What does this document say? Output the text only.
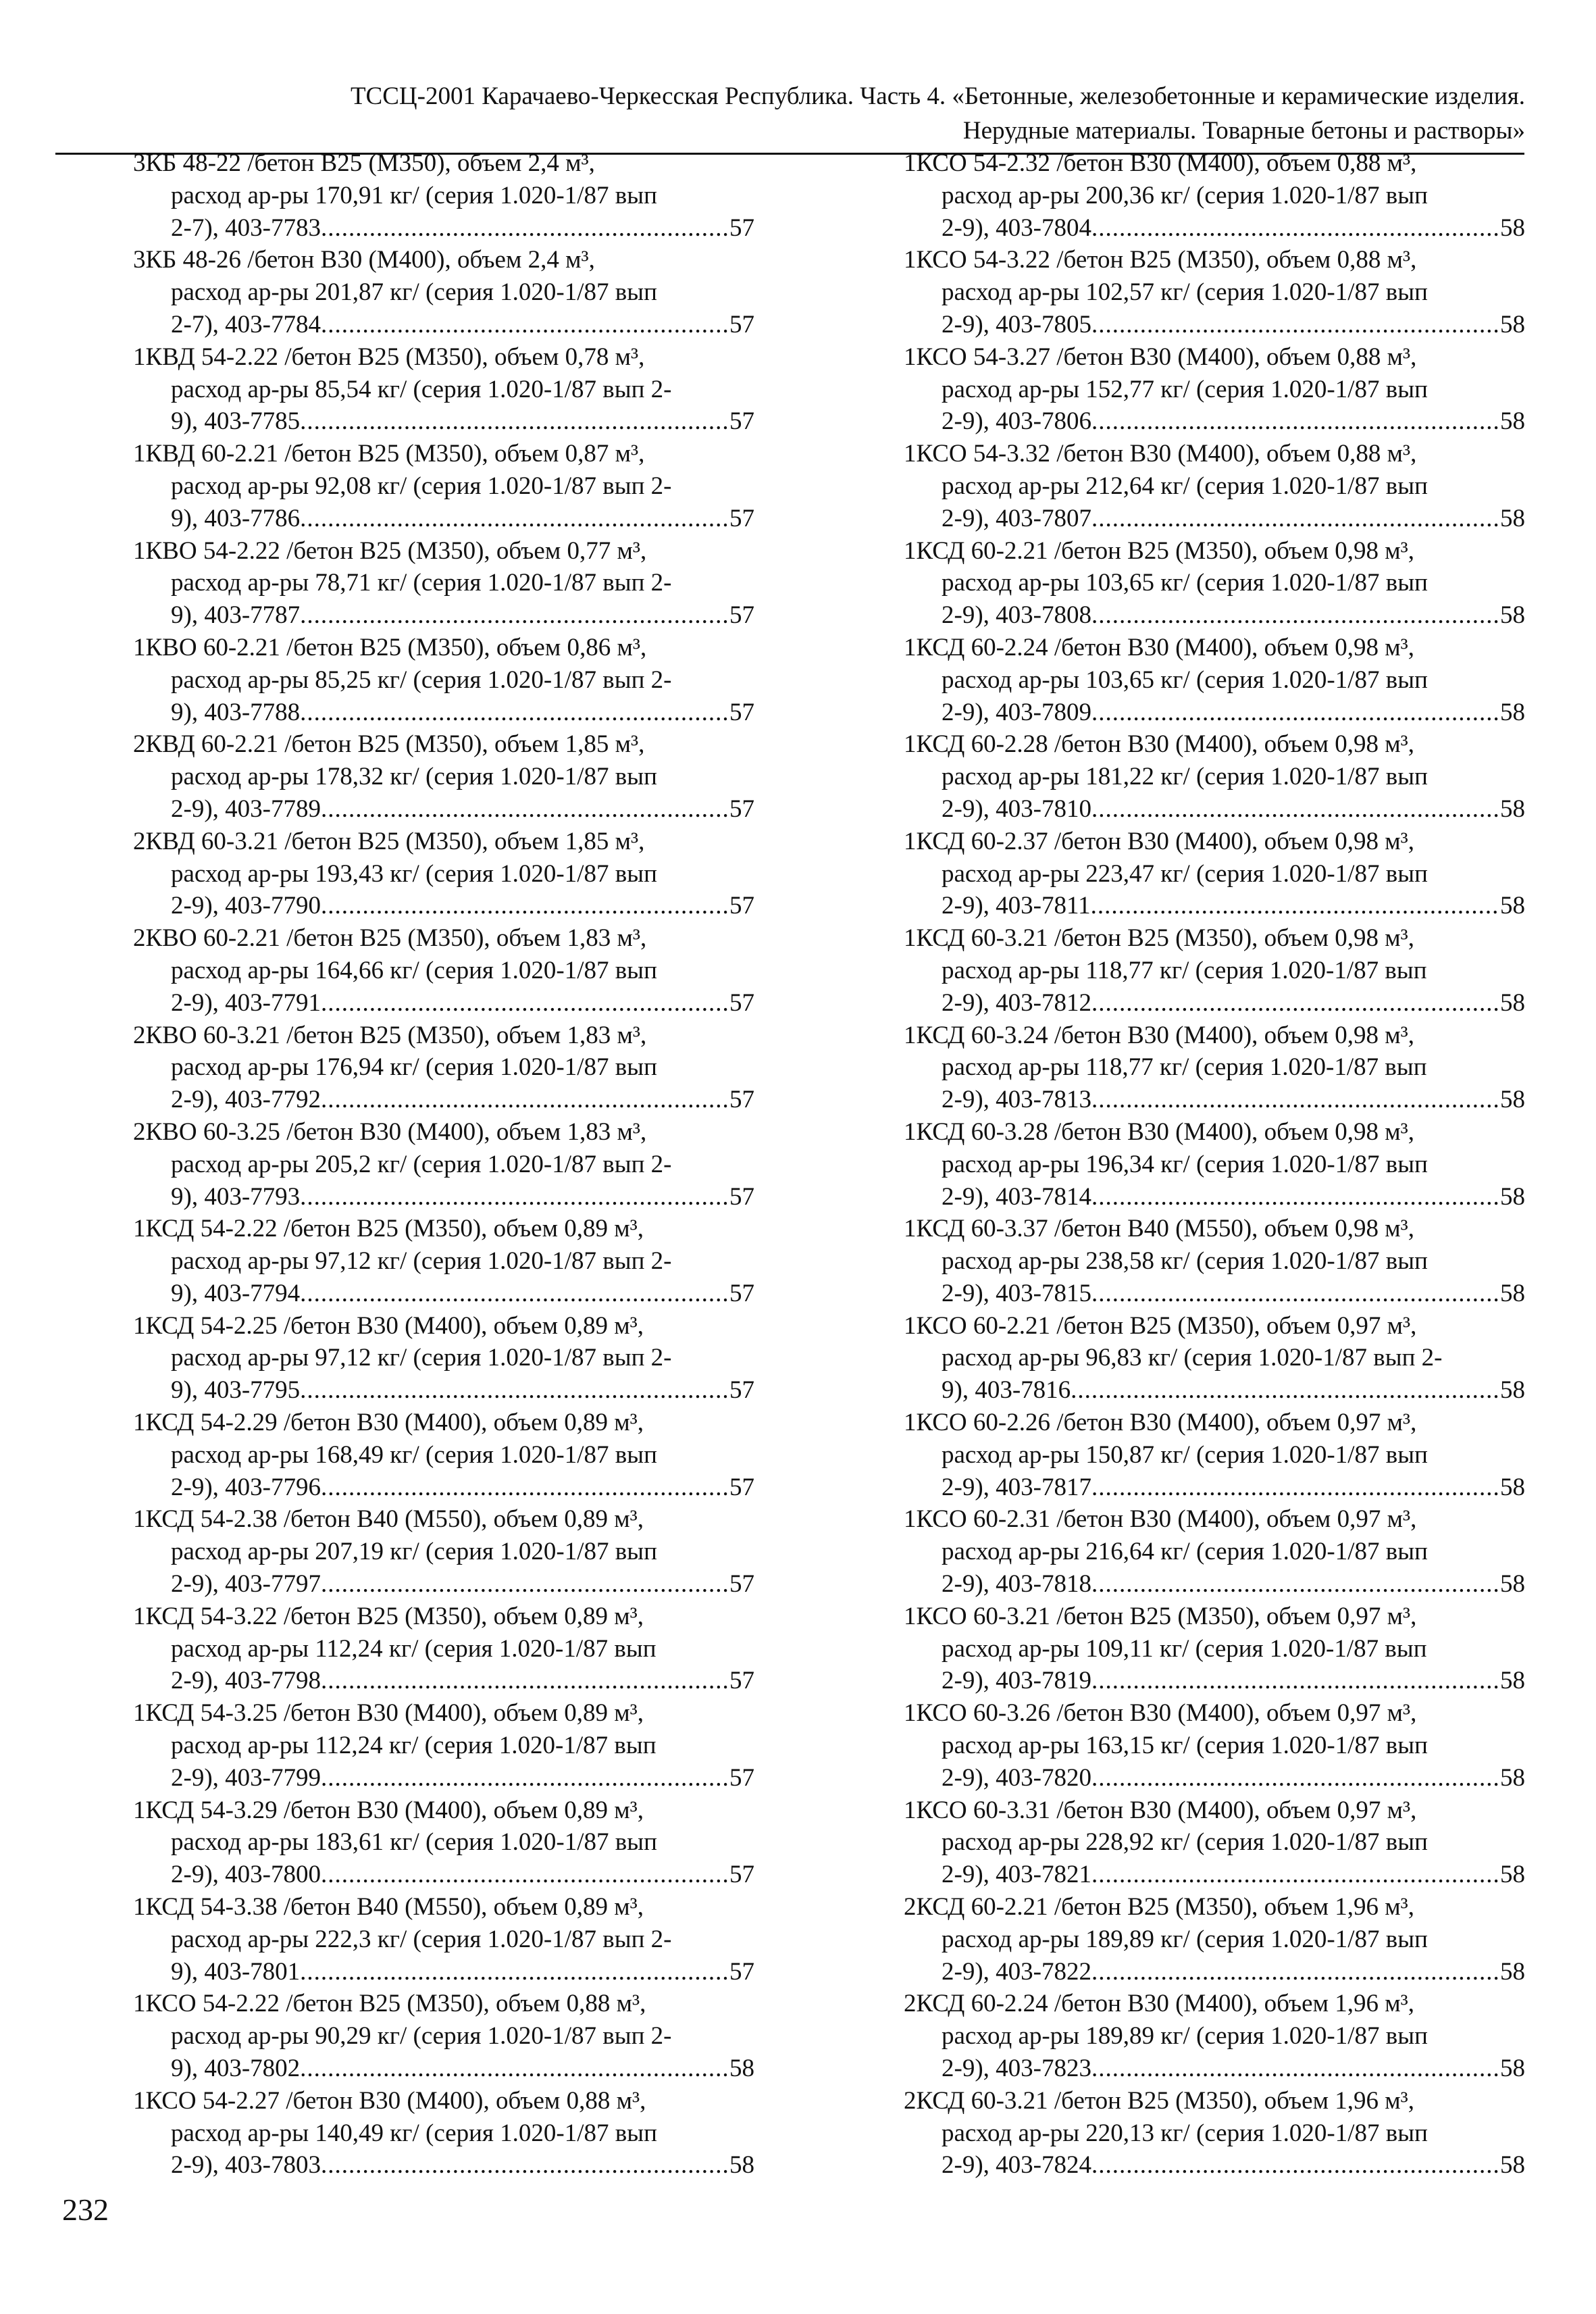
ТССЦ-2001 Карачаево-Черкесская Республика. Часть 4. «Бетонные, железобетонные и керамические изделия.
Нерудные материалы. Товарные бетоны и растворы»
3КБ 48-22 /бетон В25 (М350), объем 2,4 м³,
расход ар-ры 170,91 кг/ (серия 1.020-1/87 вып
2-7), 403-7783 .....	57
3КБ 48-26 /бетон В30 (М400), объем 2,4 м³,
расход ар-ры 201,87 кг/ (серия 1.020-1/87 вып
2-7), 403-7784 .....	57
1КВД 54-2.22 /бетон В25 (М350), объем 0,78 м³,
расход ар-ры 85,54 кг/ (серия 1.020-1/87 вып 2-
9), 403-7785 .....	57
1КВД 60-2.21 /бетон В25 (М350), объем 0,87 м³,
расход ар-ры 92,08 кг/ (серия 1.020-1/87 вып 2-
9), 403-7786 .....	57
1КВО 54-2.22 /бетон В25 (М350), объем 0,77 м³,
расход ар-ры 78,71 кг/ (серия 1.020-1/87 вып 2-
9), 403-7787 .....	57
1КВО 60-2.21 /бетон В25 (М350), объем 0,86 м³,
расход ар-ры 85,25 кг/ (серия 1.020-1/87 вып 2-
9), 403-7788 .....	57
2КВД 60-2.21 /бетон В25 (М350), объем 1,85 м³,
расход ар-ры 178,32 кг/ (серия 1.020-1/87 вып
2-9), 403-7789 .....	57
2КВД 60-3.21 /бетон В25 (М350), объем 1,85 м³,
расход ар-ры 193,43 кг/ (серия 1.020-1/87 вып
2-9), 403-7790 .....	57
2КВО 60-2.21 /бетон В25 (М350), объем 1,83 м³,
расход ар-ры 164,66 кг/ (серия 1.020-1/87 вып
2-9), 403-7791 .....	57
2КВО 60-3.21 /бетон В25 (М350), объем 1,83 м³,
расход ар-ры 176,94 кг/ (серия 1.020-1/87 вып
2-9), 403-7792 .....	57
2КВО 60-3.25 /бетон В30 (М400), объем 1,83 м³,
расход ар-ры 205,2 кг/ (серия 1.020-1/87 вып 2-
9), 403-7793 .....	57
1КСД 54-2.22 /бетон В25 (М350), объем 0,89 м³,
расход ар-ры 97,12 кг/ (серия 1.020-1/87 вып 2-
9), 403-7794 .....	57
1КСД 54-2.25 /бетон В30 (М400), объем 0,89 м³,
расход ар-ры 97,12 кг/ (серия 1.020-1/87 вып 2-
9), 403-7795 .....	57
1КСД 54-2.29 /бетон В30 (М400), объем 0,89 м³,
расход ар-ры 168,49 кг/ (серия 1.020-1/87 вып
2-9), 403-7796 .....	57
1КСД 54-2.38 /бетон В40 (М550), объем 0,89 м³,
расход ар-ры 207,19 кг/ (серия 1.020-1/87 вып
2-9), 403-7797 .....	57
1КСД 54-3.22 /бетон В25 (М350), объем 0,89 м³,
расход ар-ры 112,24 кг/ (серия 1.020-1/87 вып
2-9), 403-7798 .....	57
1КСД 54-3.25 /бетон В30 (М400), объем 0,89 м³,
расход ар-ры 112,24 кг/ (серия 1.020-1/87 вып
2-9), 403-7799 .....	57
1КСД 54-3.29 /бетон В30 (М400), объем 0,89 м³,
расход ар-ры 183,61 кг/ (серия 1.020-1/87 вып
2-9), 403-7800 .....	57
1КСД 54-3.38 /бетон В40 (М550), объем 0,89 м³,
расход ар-ры 222,3 кг/ (серия 1.020-1/87 вып 2-
9), 403-7801 .....	57
1КСО 54-2.22 /бетон В25 (М350), объем 0,88 м³,
расход ар-ры 90,29 кг/ (серия 1.020-1/87 вып 2-
9), 403-7802 .....	58
1КСО 54-2.27 /бетон В30 (М400), объем 0,88 м³,
расход ар-ры 140,49 кг/ (серия 1.020-1/87 вып
2-9), 403-7803 .....	58
1КСО 54-2.32 /бетон В30 (М400), объем 0,88 м³,
расход ар-ры 200,36 кг/ (серия 1.020-1/87 вып
2-9), 403-7804 .....	58
1КСО 54-3.22 /бетон В25 (М350), объем 0,88 м³,
расход ар-ры 102,57 кг/ (серия 1.020-1/87 вып
2-9), 403-7805 .....	58
1КСО 54-3.27 /бетон В30 (М400), объем 0,88 м³,
расход ар-ры 152,77 кг/ (серия 1.020-1/87 вып
2-9), 403-7806 .....	58
1КСО 54-3.32 /бетон В30 (М400), объем 0,88 м³,
расход ар-ры 212,64 кг/ (серия 1.020-1/87 вып
2-9), 403-7807 .....	58
1КСД 60-2.21 /бетон В25 (М350), объем 0,98 м³,
расход ар-ры 103,65 кг/ (серия 1.020-1/87 вып
2-9), 403-7808 .....	58
1КСД 60-2.24 /бетон В30 (М400), объем 0,98 м³,
расход ар-ры 103,65 кг/ (серия 1.020-1/87 вып
2-9), 403-7809 .....	58
1КСД 60-2.28 /бетон В30 (М400), объем 0,98 м³,
расход ар-ры 181,22 кг/ (серия 1.020-1/87 вып
2-9), 403-7810 .....	58
1КСД 60-2.37 /бетон В30 (М400), объем 0,98 м³,
расход ар-ры 223,47 кг/ (серия 1.020-1/87 вып
2-9), 403-7811 .....	58
1КСД 60-3.21 /бетон В25 (М350), объем 0,98 м³,
расход ар-ры 118,77 кг/ (серия 1.020-1/87 вып
2-9), 403-7812 .....	58
1КСД 60-3.24 /бетон В30 (М400), объем 0,98 м³,
расход ар-ры 118,77 кг/ (серия 1.020-1/87 вып
2-9), 403-7813 .....	58
1КСД 60-3.28 /бетон В30 (М400), объем 0,98 м³,
расход ар-ры 196,34 кг/ (серия 1.020-1/87 вып
2-9), 403-7814 .....	58
1КСД 60-3.37 /бетон В40 (М550), объем 0,98 м³,
расход ар-ры 238,58 кг/ (серия 1.020-1/87 вып
2-9), 403-7815 .....	58
1КСО 60-2.21 /бетон В25 (М350), объем 0,97 м³,
расход ар-ры 96,83 кг/ (серия 1.020-1/87 вып 2-
9), 403-7816 .....	58
1КСО 60-2.26 /бетон В30 (М400), объем 0,97 м³,
расход ар-ры 150,87 кг/ (серия 1.020-1/87 вып
2-9), 403-7817 .....	58
1КСО 60-2.31 /бетон В30 (М400), объем 0,97 м³,
расход ар-ры 216,64 кг/ (серия 1.020-1/87 вып
2-9), 403-7818 .....	58
1КСО 60-3.21 /бетон В25 (М350), объем 0,97 м³,
расход ар-ры 109,11 кг/ (серия 1.020-1/87 вып
2-9), 403-7819 .....	58
1КСО 60-3.26 /бетон В30 (М400), объем 0,97 м³,
расход ар-ры 163,15 кг/ (серия 1.020-1/87 вып
2-9), 403-7820 .....	58
1КСО 60-3.31 /бетон В30 (М400), объем 0,97 м³,
расход ар-ры 228,92 кг/ (серия 1.020-1/87 вып
2-9), 403-7821 .....	58
2КСД 60-2.21 /бетон В25 (М350), объем 1,96 м³,
расход ар-ры 189,89 кг/ (серия 1.020-1/87 вып
2-9), 403-7822 .....	58
2КСД 60-2.24 /бетон В30 (М400), объем 1,96 м³,
расход ар-ры 189,89 кг/ (серия 1.020-1/87 вып
2-9), 403-7823 .....	58
2КСД 60-3.21 /бетон В25 (М350), объем 1,96 м³,
расход ар-ры 220,13 кг/ (серия 1.020-1/87 вып
2-9), 403-7824 .....	58
232
